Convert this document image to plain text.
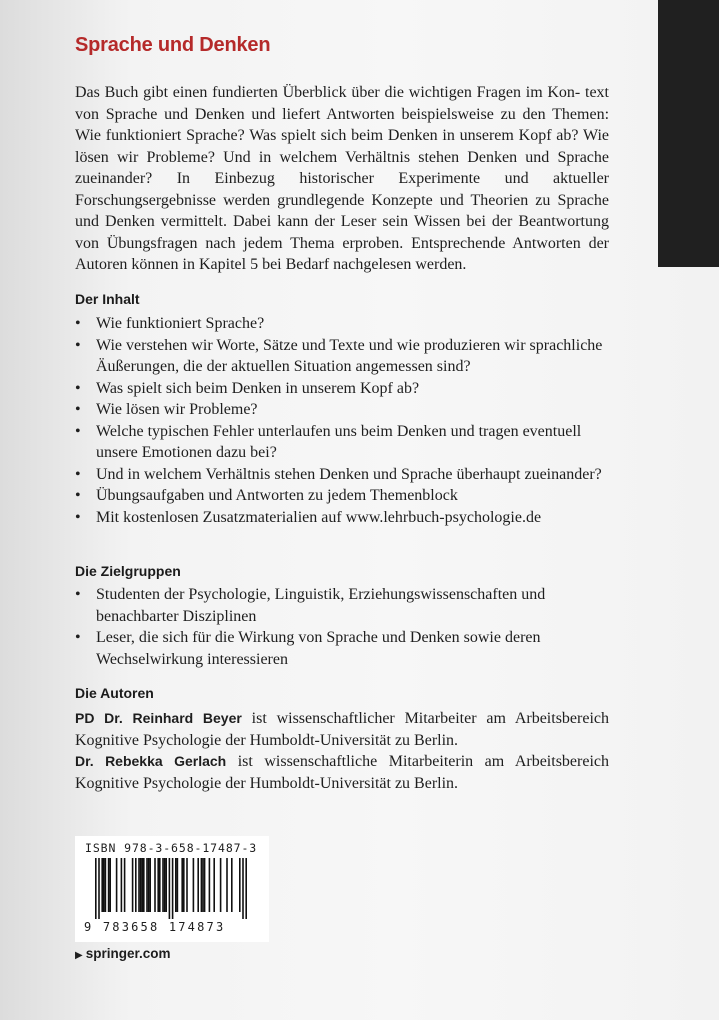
Sprache und Denken

Das Buch gibt einen fundierten Überblick über die wichtigen Fragen im Kon- text von Sprache und Denken und liefert Antworten beispielsweise zu den Themen: Wie funktioniert Sprache? Was spielt sich beim Denken in unserem Kopf ab? Wie lösen wir Probleme? Und in welchem Verhältnis stehen Denken und Sprache zueinander? In Einbezug historischer Experimente und aktueller Forschungsergebnisse werden grundlegende Konzepte und Theorien zu Sprache und Denken vermittelt. Dabei kann der Leser sein Wissen bei der Beantwortung von Übungsfragen nach jedem Thema erproben. Entsprechende Antworten der Autoren können in Kapitel 5 bei Bedarf nachgelesen werden.

Der Inhalt
• Wie funktioniert Sprache?
• Wie verstehen wir Worte, Sätze und Texte und wie produzieren wir sprachliche Äußerungen, die der aktuellen Situation angemessen sind?
• Was spielt sich beim Denken in unserem Kopf ab?
• Wie lösen wir Probleme?
• Welche typischen Fehler unterlaufen uns beim Denken und tragen eventuell unsere Emotionen dazu bei?
• Und in welchem Verhältnis stehen Denken und Sprache überhaupt zueinander?
• Übungsaufgaben und Antworten zu jedem Themenblock
• Mit kostenlosen Zusatzmaterialien auf www.lehrbuch-psychologie.de
Die Zielgruppen
• Studenten der Psychologie, Linguistik, Erziehungswissenschaften und benachbarter Disziplinen
• Leser, die sich für die Wirkung von Sprache und Denken sowie deren Wechselwirkung interessieren
Die Autoren

PD Dr. Reinhard Beyer ist wissenschaftlicher Mitarbeiter am Arbeitsbereich Kognitive Psychologie der Humboldt-Universität zu Berlin.

Dr. Rebekka Gerlach ist wissenschaftliche Mitarbeiterin am Arbeitsbereich Kognitive Psychologie der Humboldt-Universität zu Berlin.

ISBN 978-3-658-17487-3
9 783658 174873
▶ springer.com
